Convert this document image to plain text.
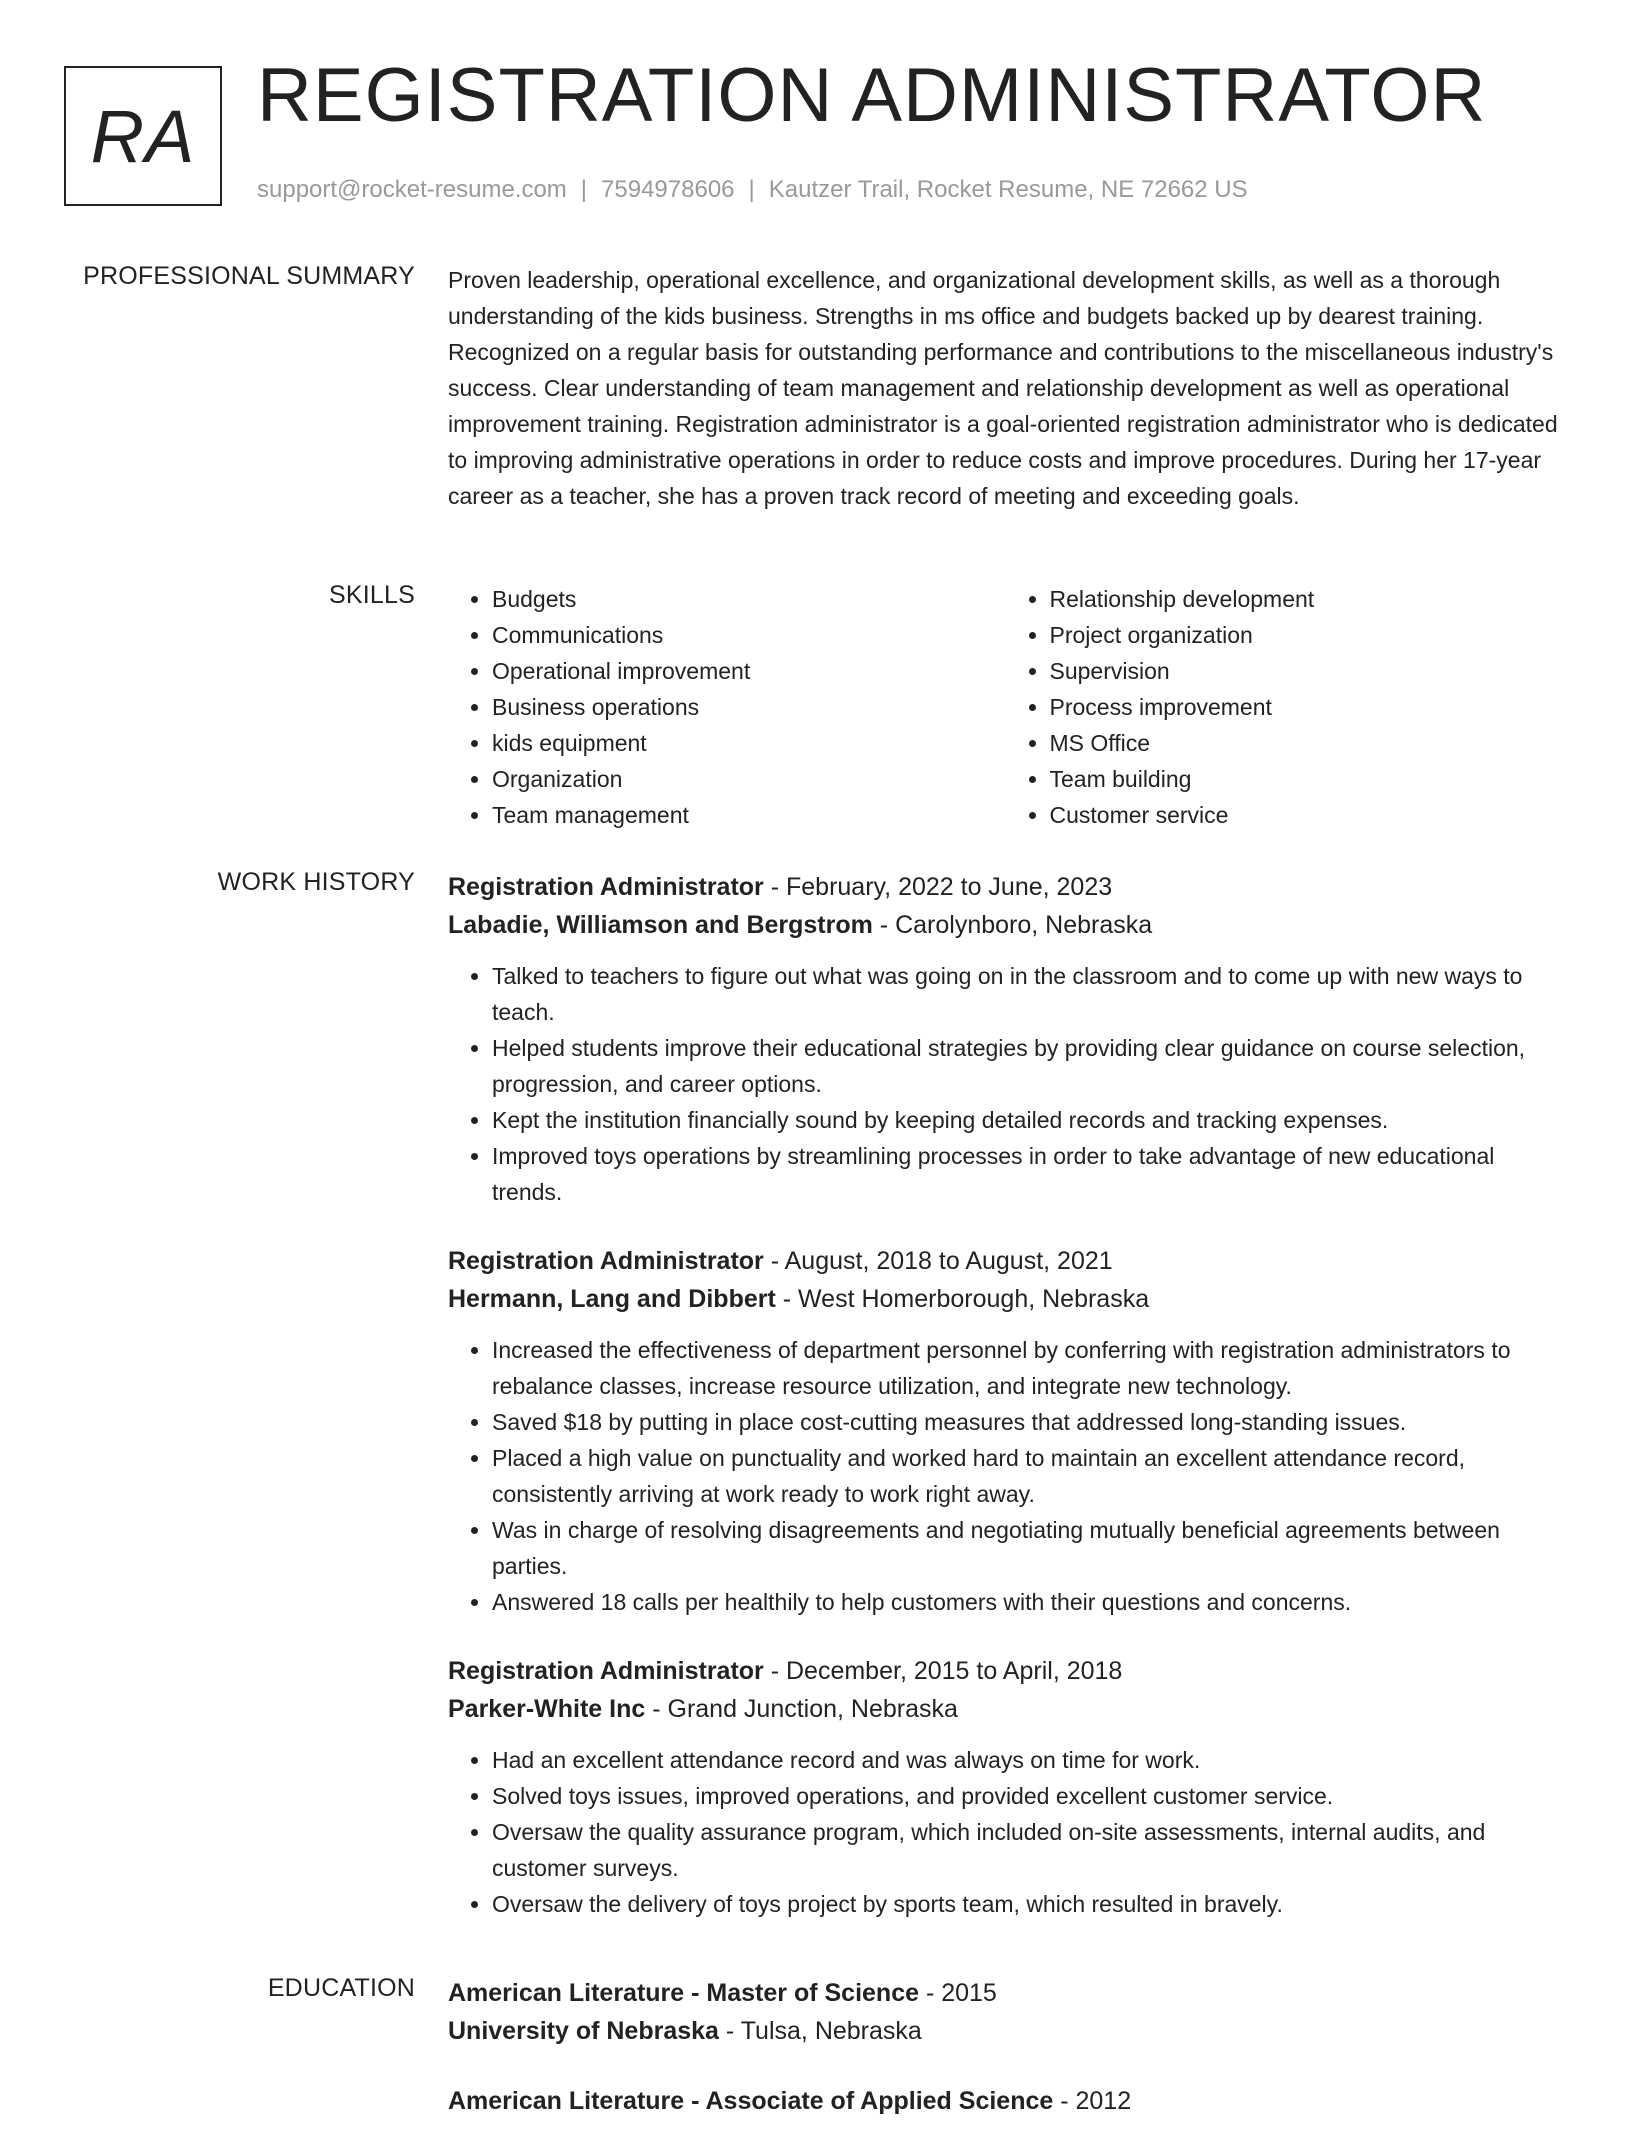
RA REGISTRATION ADMINISTRATOR
support@rocket-resume.com | 7594978606 | Kautzer Trail, Rocket Resume, NE 72662 US
PROFESSIONAL SUMMARY Proven leadership, operational excellence, and organizational development skills, as well as a thorough understanding of the kids business. Strengths in ms office and budgets backed up by dearest training. Recognized on a regular basis for outstanding performance and contributions to the miscellaneous industry's success. Clear understanding of team management and relationship development as well as operational improvement training. Registration administrator is a goal-oriented registration administrator who is dedicated to improving administrative operations in order to reduce costs and improve procedures. During her 17-year career as a teacher, she has a proven track record of meeting and exceeding goals.

SKILLS
•	Budgets
• Communications
• Operational improvement
• Business operations
• kids equipment
• Organization
• Team management
• Relationship development
• Project organization
• Supervision
• Process improvement
• MS Office
• Team building
• Customer service
WORK HISTORY Registration Administrator - February, 2022 to June, 2023
Labadie, Williamson and Bergstrom - Carolynboro, Nebraska
• Talked to teachers to figure out what was going on in the classroom and to come up with new ways to teach.
• Helped students improve their educational strategies by providing clear guidance on course selection, progression, and career options.
• Kept the institution financially sound by keeping detailed records and tracking expenses.
• Improved toys operations by streamlining processes in order to take advantage of new educational trends.
Registration Administrator - August, 2018 to August, 2021
Hermann, Lang and Dibbert - West Homerborough, Nebraska
• Increased the effectiveness of department personnel by conferring with registration administrators to rebalance classes, increase resource utilization, and integrate new technology.
• Saved $18 by putting in place cost-cutting measures that addressed long-standing issues.
• Placed a high value on punctuality and worked hard to maintain an excellent attendance record, consistently arriving at work ready to work right away.
• Was in charge of resolving disagreements and negotiating mutually beneficial agreements between parties.
• Answered 18 calls per healthily to help customers with their questions and concerns.
Registration Administrator - December, 2015 to April, 2018
Parker-White Inc - Grand Junction, Nebraska
• Had an excellent attendance record and was always on time for work.
• Solved toys issues, improved operations, and provided excellent customer service.
• Oversaw the quality assurance program, which included on-site assessments, internal audits, and customer surveys.
• Oversaw the delivery of toys project by sports team, which resulted in bravely.
EDUCATION American Literature - Master of Science - 2015
University of Nebraska - Tulsa, Nebraska
American Literature - Associate of Applied Science - 2012
